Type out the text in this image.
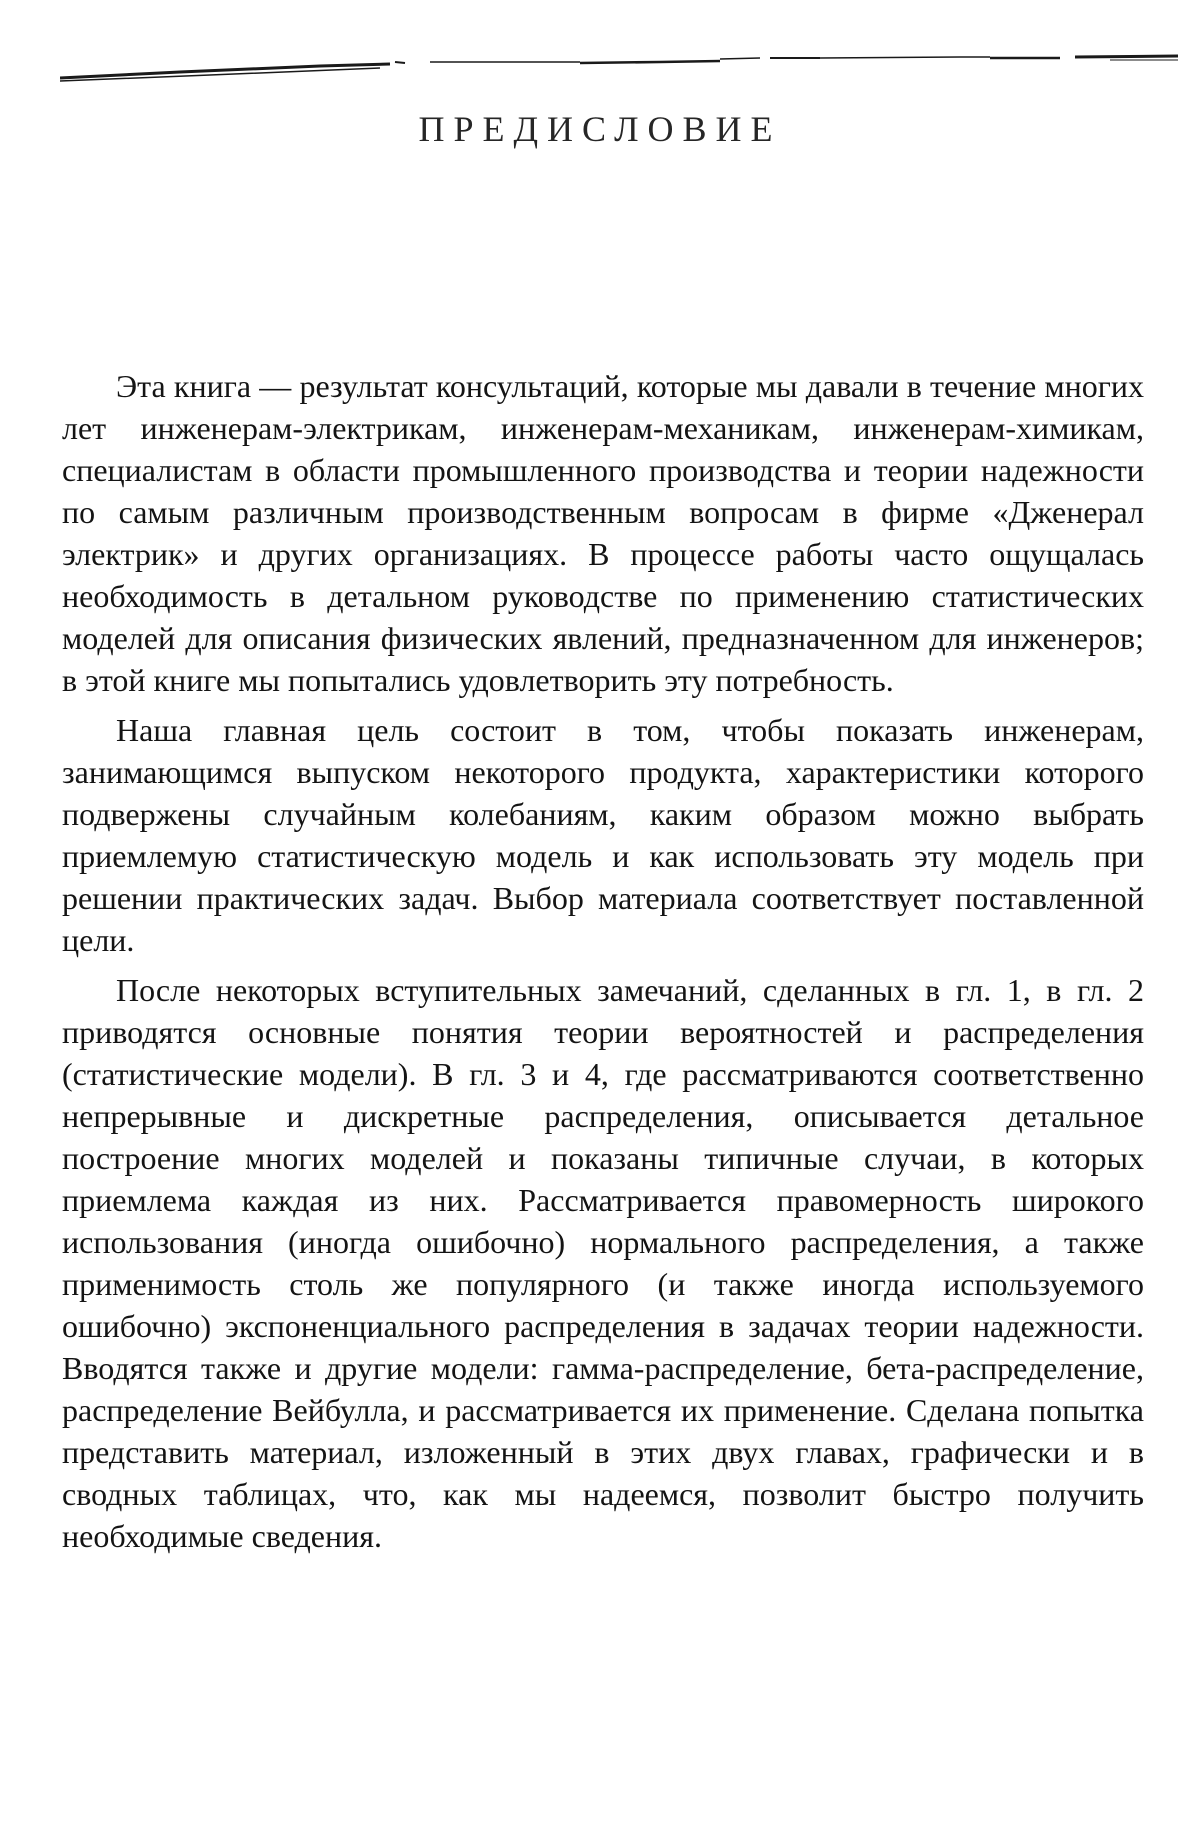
ПРЕДИСЛОВИЕ

Эта книга — результат консультаций, которые мы давали в течение многих лет инженерам-электрикам, инженерам-механикам, инженерам-химикам, специалистам в области промышленного производства и теории надежности по самым различным производственным вопросам в фирме «Дженерал электрик» и других организациях. В процессе работы часто ощущалась необходимость в детальном руководстве по применению статистических моделей для описания физических явлений, предназначенном для инженеров; в этой книге мы попытались удовлетворить эту потребность.

Наша главная цель состоит в том, чтобы показать инженерам, занимающимся выпуском некоторого продукта, характеристики которого подвержены случайным колебаниям, каким образом можно выбрать приемлемую статистическую модель и как использовать эту модель при решении практических задач. Выбор материала соответствует поставленной цели.

После некоторых вступительных замечаний, сделанных в гл. 1, в гл. 2 приводятся основные понятия теории вероятностей и распределения (статистические модели). В гл. 3 и 4, где рассматриваются соответственно непрерывные и дискретные распределения, описывается детальное построение многих моделей и показаны типичные случаи, в которых приемлема каждая из них. Рассматривается правомерность широкого использования (иногда ошибочно) нормального распределения, а также применимость столь же популярного (и также иногда используемого ошибочно) экспоненциального распределения в задачах теории надежности. Вводятся также и другие модели: гамма-распределение, бета-распределение, распределение Вейбулла, и рассматривается их применение. Сделана попытка представить материал, изложенный в этих двух главах, графически и в сводных таблицах, что, как мы надеемся, позволит быстро получить необходимые сведения.
